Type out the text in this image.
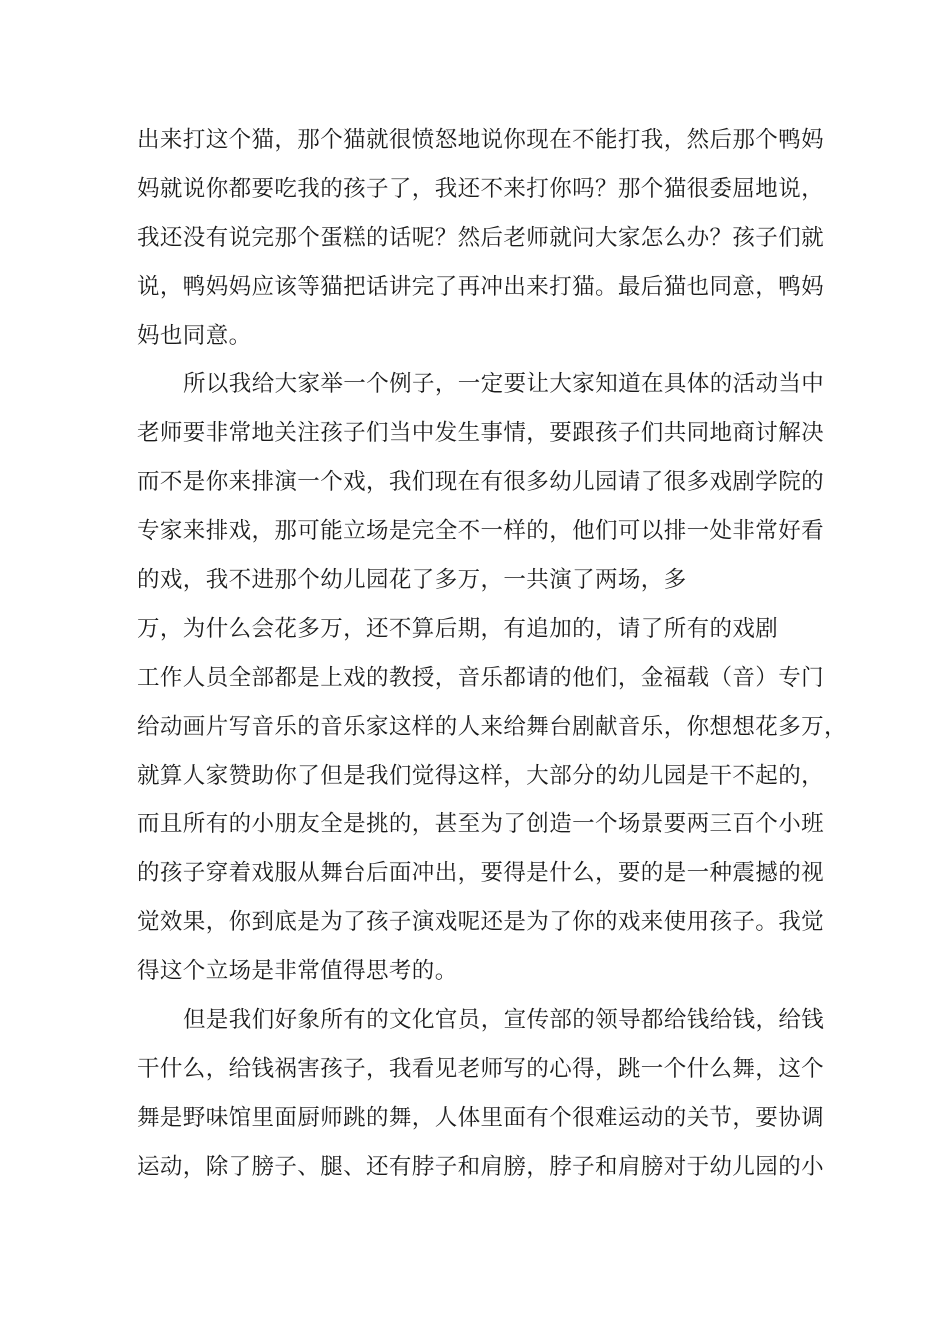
出来打这个猫，那个猫就很愤怒地说你现在不能打我，然后那个鸭妈
妈就说你都要吃我的孩子了，我还不来打你吗？那个猫很委屈地说，
我还没有说完那个蛋糕的话呢？然后老师就问大家怎么办？孩子们就
说，鸭妈妈应该等猫把话讲完了再冲出来打猫。最后猫也同意，鸭妈
妈也同意。
所以我给大家举一个例子，一定要让大家知道在具体的活动当中
老师要非常地关注孩子们当中发生事情，要跟孩子们共同地商讨解决
而不是你来排演一个戏，我们现在有很多幼儿园请了很多戏剧学院的
专家来排戏，那可能立场是完全不一样的，他们可以排一处非常好看
的戏，我不进那个幼儿园花了多万，一共演了两场，多
万，为什么会花多万，还不算后期，有追加的，请了所有的戏剧
工作人员全部都是上戏的教授，音乐都请的他们，金福载（音）专门
给动画片写音乐的音乐家这样的人来给舞台剧献音乐，你想想花多万，
就算人家赞助你了但是我们觉得这样，大部分的幼儿园是干不起的，
而且所有的小朋友全是挑的，甚至为了创造一个场景要两三百个小班
的孩子穿着戏服从舞台后面冲出，要得是什么，要的是一种震撼的视
觉效果，你到底是为了孩子演戏呢还是为了你的戏来使用孩子。我觉
得这个立场是非常值得思考的。
但是我们好象所有的文化官员，宣传部的领导都给钱给钱，给钱
干什么，给钱祸害孩子，我看见老师写的心得，跳一个什么舞，这个
舞是野味馆里面厨师跳的舞，人体里面有个很难运动的关节，要协调
运动，除了膀子、腿、还有脖子和肩膀，脖子和肩膀对于幼儿园的小
